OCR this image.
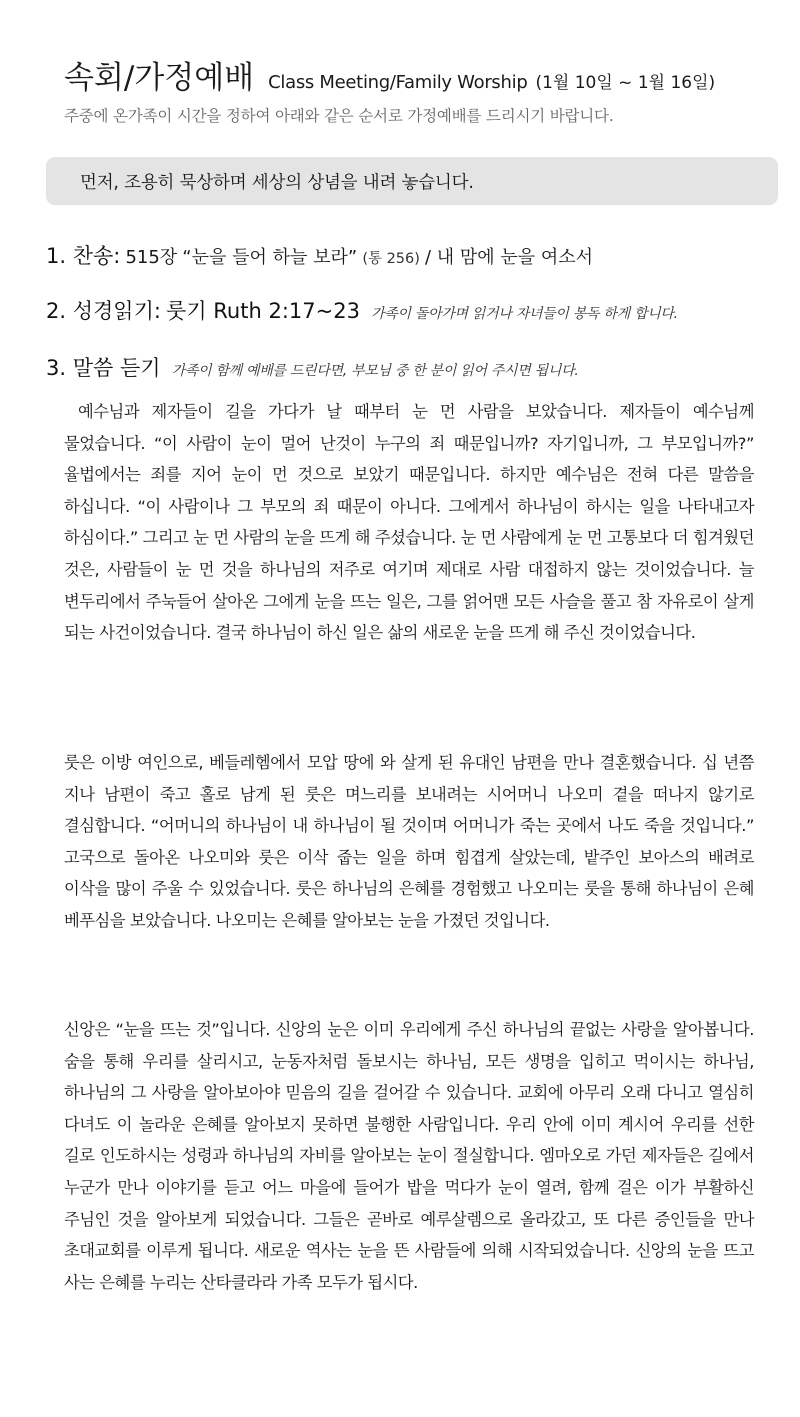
속회/가정예배 Class Meeting/Family Worship (1월 10일 ~ 1월 16일)
주중에 온가족이 시간을 정하여 아래와 같은 순서로 가정예배를 드리시기 바랍니다.
먼저, 조용히 묵상하며 세상의 상념을 내려 놓습니다.
1. 찬송: 515장 “눈을 들어 하늘 보라” (통 256) / 내 맘에 눈을 여소서
2. 성경읽기: 룻기 Ruth 2:17~23 가족이 돌아가며 읽거나 자녀들이 봉독 하게 합니다.
3. 말씀 듣기 가족이 함께 예배를 드린다면, 부모님 중 한 분이 읽어 주시면 됩니다.

예수님과 제자들이 길을 가다가 날 때부터 눈 먼 사람을 보았습니다. 제자들이 예수님께 물었습니다. “이 사람이 눈이 멀어 난것이 누구의 죄 때문입니까? 자기입니까, 그 부모입니까?” 율법에서는 죄를 지어 눈이 먼 것으로 보았기 때문입니다. 하지만 예수님은 전혀 다른 말씀을 하십니다. “이 사람이나 그 부모의 죄 때문이 아니다. 그에게서 하나님이 하시는 일을 나타내고자 하심이다.” 그리고 눈 먼 사람의 눈을 뜨게 해 주셨습니다. 눈 먼 사람에게 눈 먼 고통보다 더 힘겨웠던 것은, 사람들이 눈 먼 것을 하나님의 저주로 여기며 제대로 사람 대접하지 않는 것이었습니다. 늘 변두리에서 주눅들어 살아온 그에게 눈을 뜨는 일은, 그를 얽어맨 모든 사슬을 풀고 참 자유로이 살게 되는 사건이었습니다. 결국 하나님이 하신 일은 삶의 새로운 눈을 뜨게 해 주신 것이었습니다.

룻은 이방 여인으로, 베들레헴에서 모압 땅에 와 살게 된 유대인 남편을 만나 결혼했습니다. 십 년쯤 지나 남편이 죽고 홀로 남게 된 룻은 며느리를 보내려는 시어머니 나오미 곁을 떠나지 않기로 결심합니다. “어머니의 하나님이 내 하나님이 될 것이며 어머니가 죽는 곳에서 나도 죽을 것입니다.” 고국으로 돌아온 나오미와 룻은 이삭 줍는 일을 하며 힘겹게 살았는데, 밭주인 보아스의 배려로 이삭을 많이 주울 수 있었습니다. 룻은 하나님의 은혜를 경험했고 나오미는 룻을 통해 하나님이 은혜 베푸심을 보았습니다. 나오미는 은혜를 알아보는 눈을 가졌던 것입니다.

신앙은 “눈을 뜨는 것”입니다. 신앙의 눈은 이미 우리에게 주신 하나님의 끝없는 사랑을 알아봅니다. 숨을 통해 우리를 살리시고, 눈동자처럼 돌보시는 하나님, 모든 생명을 입히고 먹이시는 하나님, 하나님의 그 사랑을 알아보아야 믿음의 길을 걸어갈 수 있습니다. 교회에 아무리 오래 다니고 열심히 다녀도 이 놀라운 은혜를 알아보지 못하면 불행한 사람입니다. 우리 안에 이미 계시어 우리를 선한 길로 인도하시는 성령과 하나님의 자비를 알아보는 눈이 절실합니다. 엠마오로 가던 제자들은 길에서 누군가 만나 이야기를 듣고 어느 마을에 들어가 밥을 먹다가 눈이 열려, 함께 걸은 이가 부활하신 주님인 것을 알아보게 되었습니다. 그들은 곧바로 예루살렘으로 올라갔고, 또 다른 증인들을 만나 초대교회를 이루게 됩니다. 새로운 역사는 눈을 뜬 사람들에 의해 시작되었습니다. 신앙의 눈을 뜨고 사는 은혜를 누리는 산타클라라 가족 모두가 됩시다.
